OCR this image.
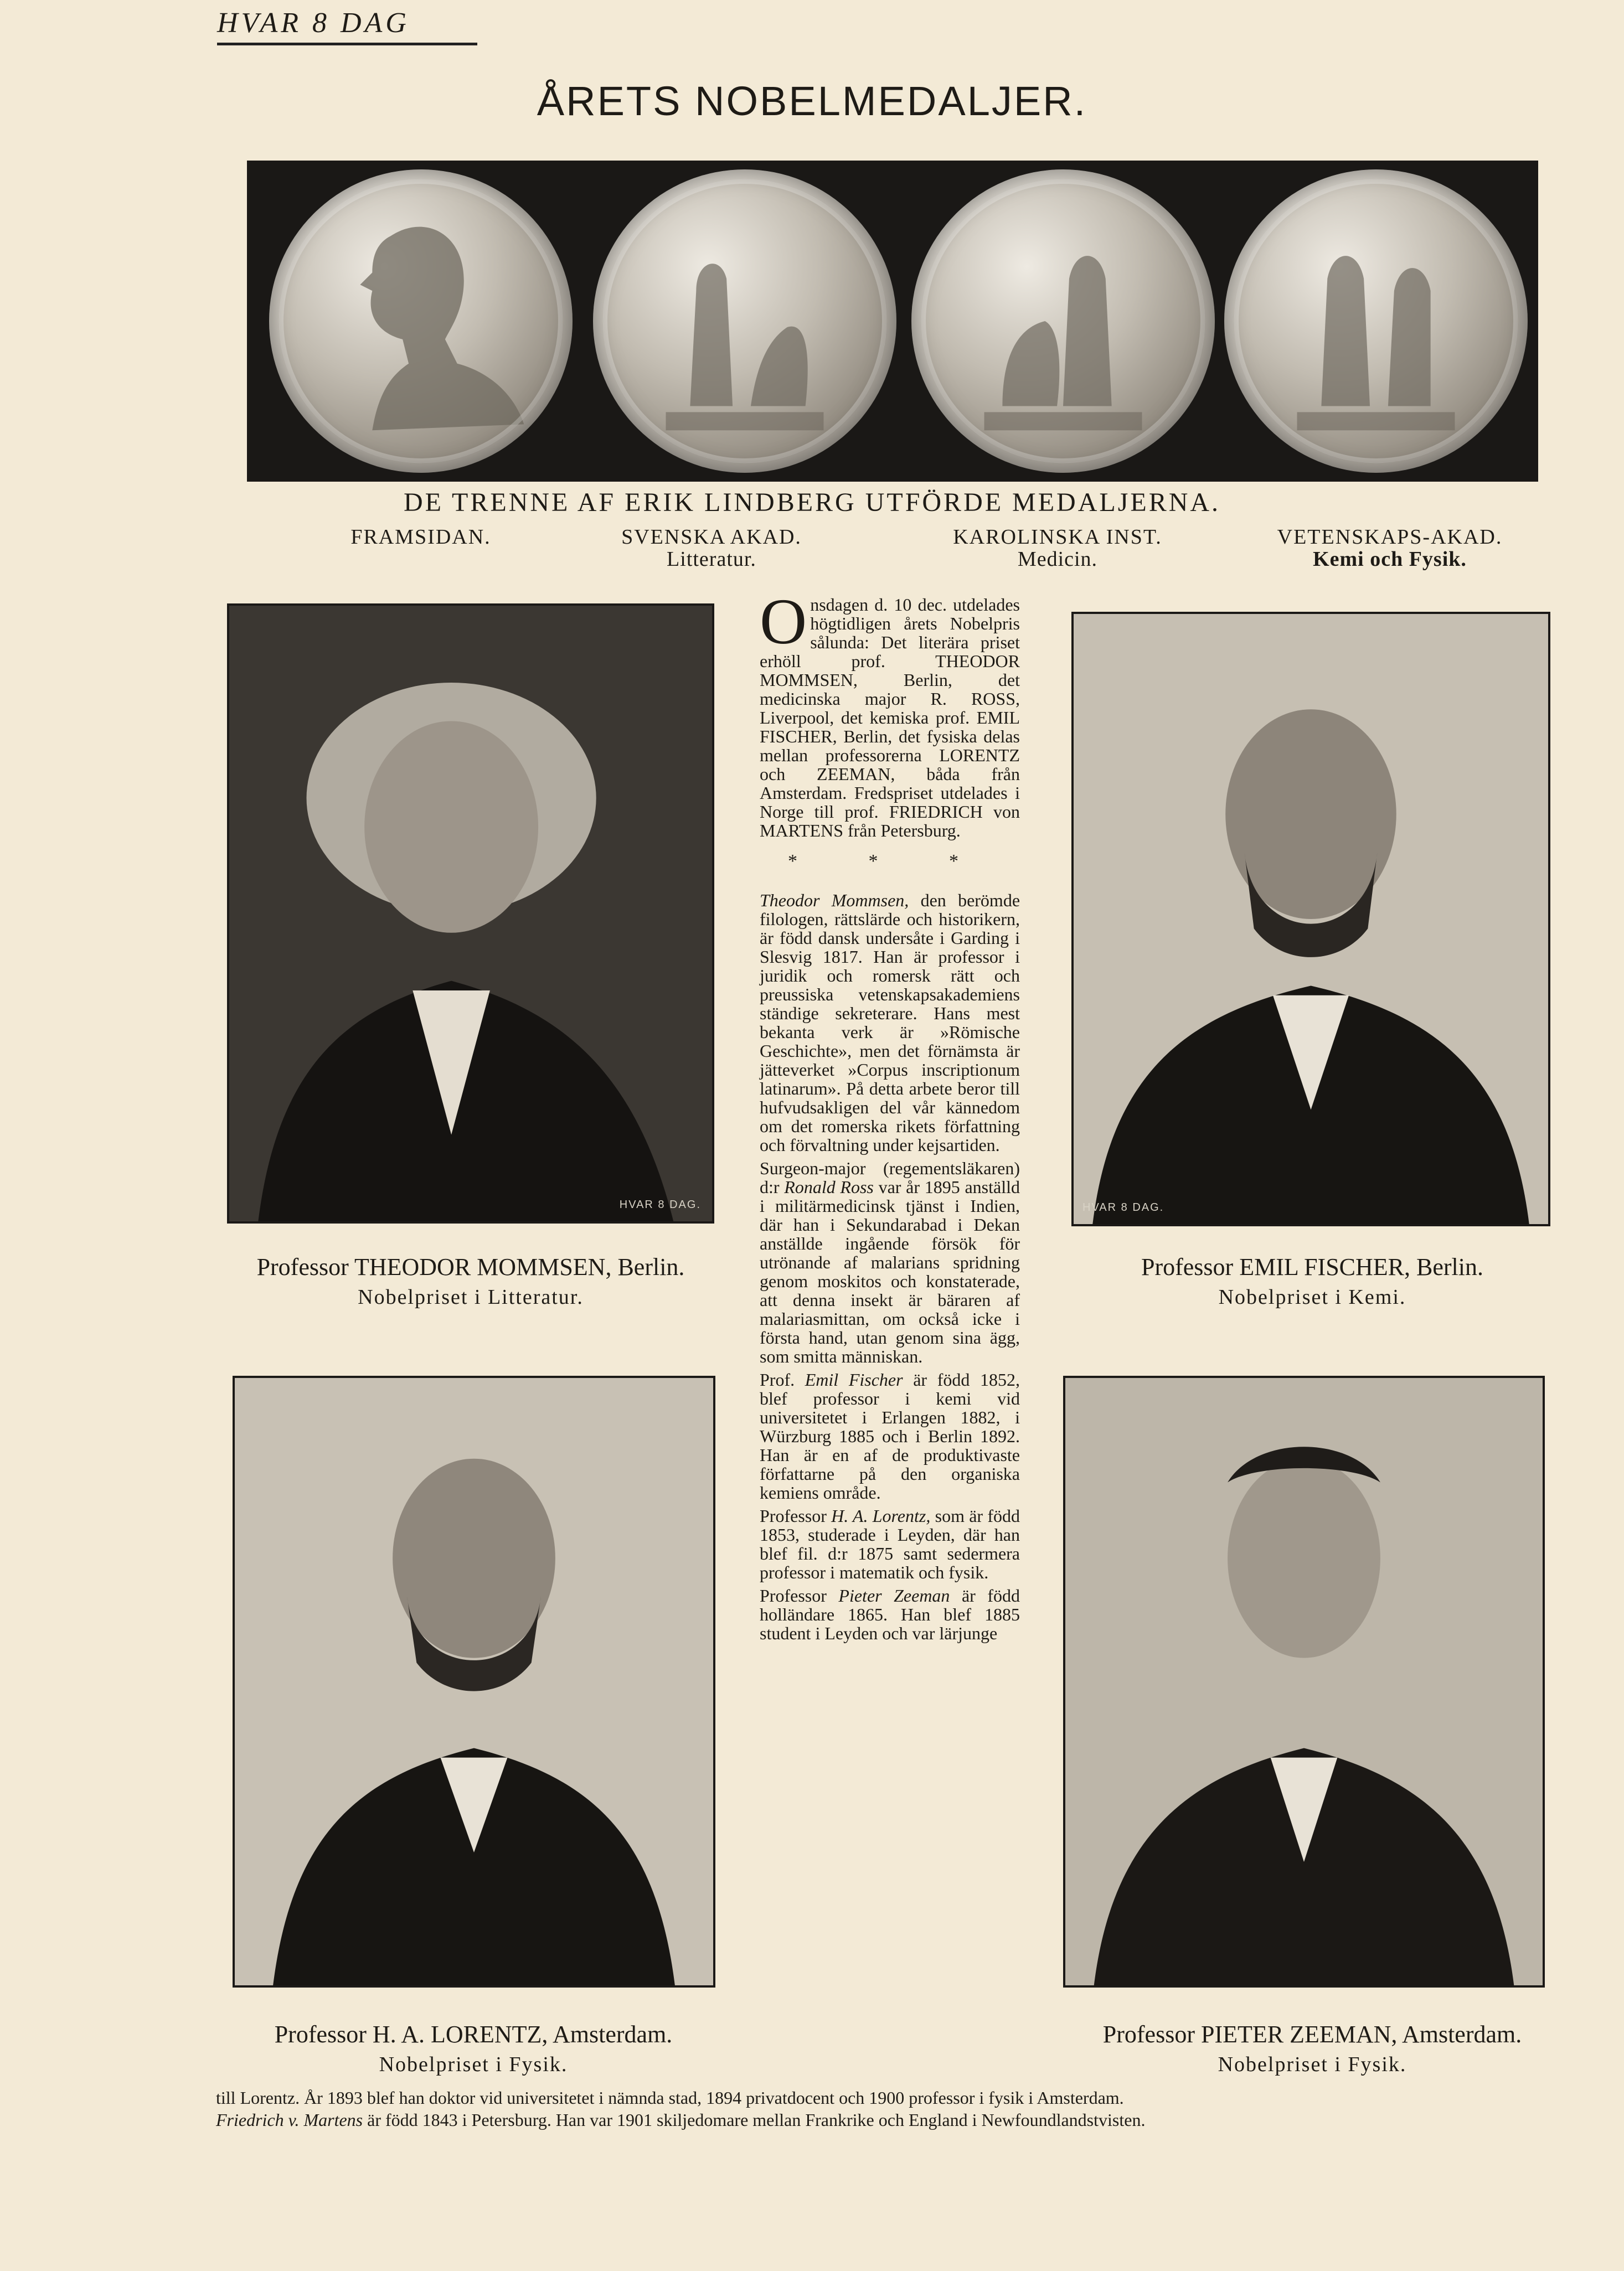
HVAR 8 DAG
ÅRETS NOBELMEDALJER.
DE TRENNE AF ERIK LINDBERG UTFÖRDE MEDALJERNA.
FRAMSIDAN.	SVENSKA AKAD.
Litteratur.
KAROLINSKA INST.
Medicin.
VETENSKAPS-AKAD.
Kemi och Fysik.
HVAR 8 DAG.
Professor THEODOR MOMMSEN, Berlin.
Nobelpriset i Litteratur.
HVAR 8 DAG.
Professor EMIL FISCHER, Berlin.
Nobelpriset i Kemi.
Professor H. A. LORENTZ, Amsterdam.
Nobelpriset i Fysik.
Professor PIETER ZEEMAN, Amsterdam.
Nobelpriset i Fysik.

O nsdagen d. 10 dec. utdelades högtidligen årets Nobelpris sålunda: Det literära priset erhöll prof. THEODOR MOMMSEN, Berlin, det medicinska major R. ROSS, Liverpool, det kemiska prof. EMIL FISCHER, Berlin, det fysiska delas mellan professorerna LORENTZ och ZEEMAN, båda från Amsterdam. Fredspriset utdelades i Norge till prof. FRIEDRICH von MARTENS från Petersburg.

* * *

Theodor Mommsen, den berömde filologen, rättslärde och historikern, är född dansk undersåte i Garding i Slesvig 1817. Han är professor i juridik och romersk rätt och preussiska vetenskapsakademiens ständige sekreterare. Hans mest bekanta verk är »Römische Geschichte», men det förnämsta är jätteverket »Corpus inscriptionum latinarum». På detta arbete beror till hufvudsakligen del vår kännedom om det romerska rikets författning och förvaltning under kejsartiden.

Surgeon-major (regementsläkaren) d:r Ronald Ross var år 1895 anställd i militärmedicinsk tjänst i Indien, där han i Sekundarabad i Dekan anställde ingående försök för utrönande af malarians spridning genom moskitos och konstaterade, att denna insekt är bäraren af malariasmittan, om också icke i första hand, utan genom sina ägg, som smitta människan.

Prof. Emil Fischer är född 1852, blef professor i kemi vid universitetet i Erlangen 1882, i Würzburg 1885 och i Berlin 1892. Han är en af de produktivaste författarne på den organiska kemiens område.

Professor H. A. Lorentz, som är född 1853, studerade i Leyden, där han blef fil. d:r 1875 samt sedermera professor i matematik och fysik.

Professor Pieter Zeeman är född holländare 1865. Han blef 1885 student i Leyden och var lärjunge

till Lorentz. År 1893 blef han doktor vid universitetet i nämnda stad, 1894 privatdocent och 1900 professor i fysik i Amsterdam.
Friedrich v. Martens är född 1843 i Petersburg. Han var 1901 skiljedomare mellan Frankrike och England i Newfoundlandstvisten.
